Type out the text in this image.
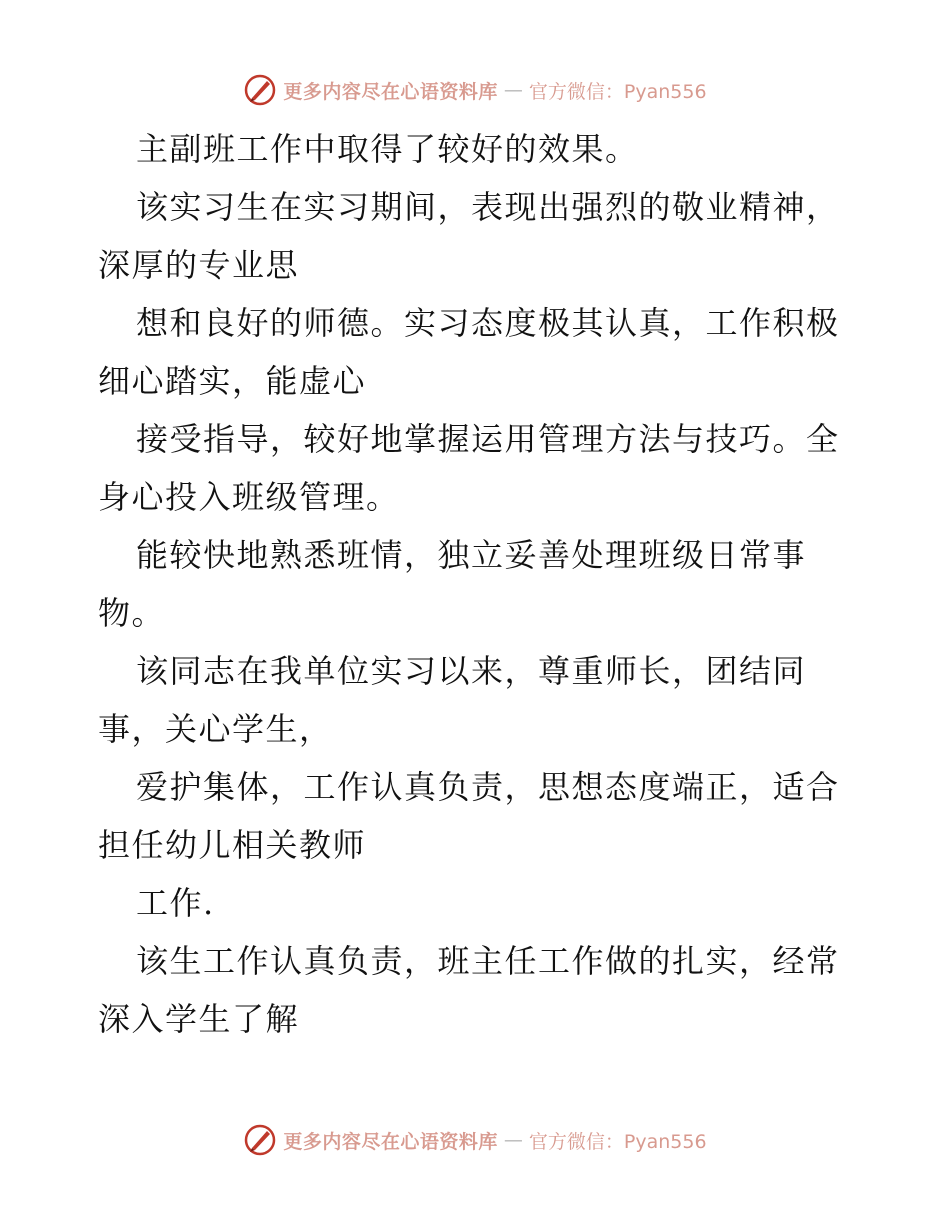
更多内容尽在心语资料库 — 官方微信：Pyan556
主副班工作中取得了较好的效果。
该实习生在实习期间，表现出强烈的敬业精神，
深厚的专业思
想和良好的师德。实习态度极其认真，工作积极
细心踏实，能虚心
接受指导，较好地掌握运用管理方法与技巧。全
身心投入班级管理。
能较快地熟悉班情，独立妥善处理班级日常事
物。
该同志在我单位实习以来，尊重师长，团结同
事，关心学生，
爱护集体，工作认真负责，思想态度端正，适合
担任幼儿相关教师
工作.
该生工作认真负责，班主任工作做的扎实，经常
深入学生了解
更多内容尽在心语资料库 — 官方微信：Pyan556
